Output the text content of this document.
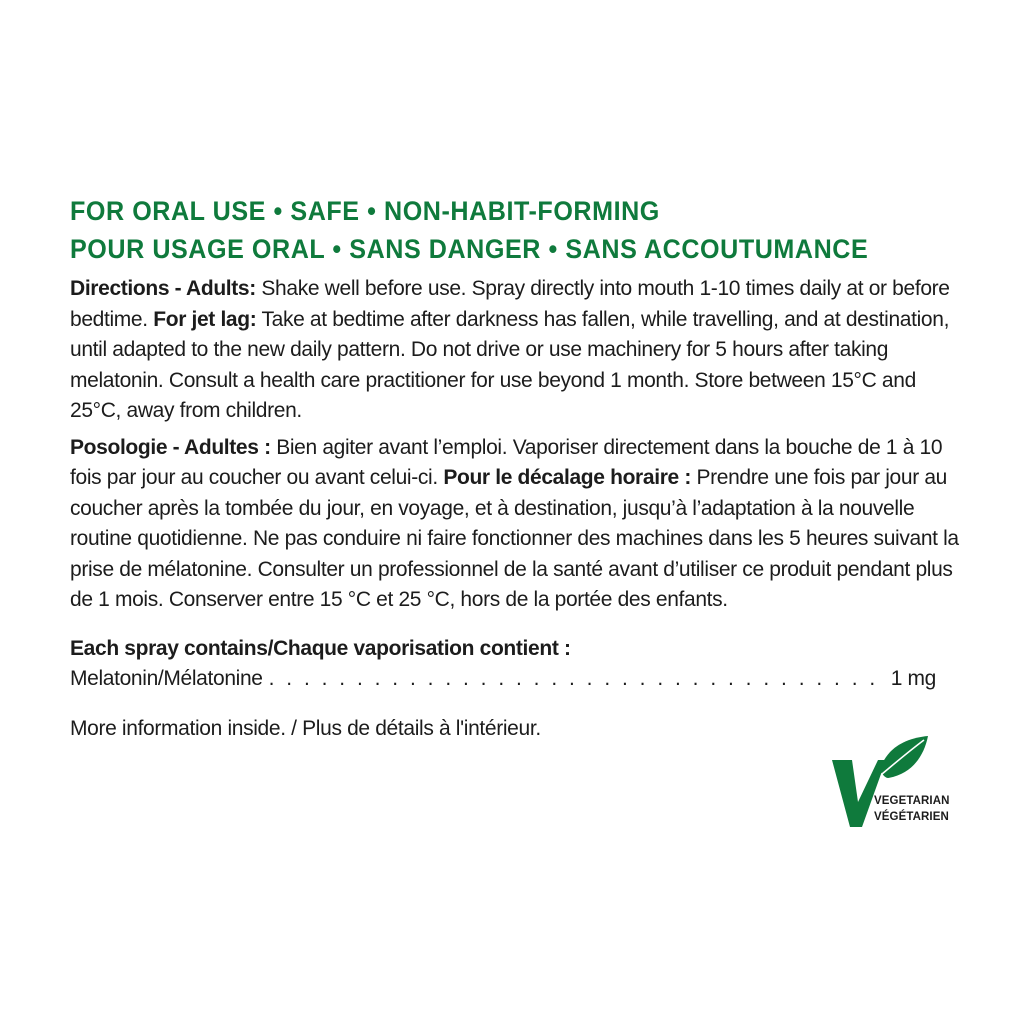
FOR ORAL USE • SAFE • NON-HABIT-FORMING
POUR USAGE ORAL • SANS DANGER • SANS ACCOUTUMANCE

Directions - Adults: Shake well before use. Spray directly into mouth 1-10 times daily at or before bedtime. For jet lag: Take at bedtime after darkness has fallen, while travelling, and at destination, until adapted to the new daily pattern. Do not drive or use machinery for 5 hours after taking melatonin. Consult a health care practitioner for use beyond 1 month. Store between 15°C and 25°C, away from children.

Posologie - Adultes : Bien agiter avant l’emploi. Vaporiser directement dans la bouche de 1 à 10 fois par jour au coucher ou avant celui-ci. Pour le décalage horaire : Prendre une fois par jour au coucher après la tombée du jour, en voyage, et à destination, jusqu’à l’adaptation à la nouvelle routine quotidienne. Ne pas conduire ni faire fonctionner des machines dans les 5 heures suivant la prise de mélatonine. Consulter un professionnel de la santé avant d’utiliser ce produit pendant plus de 1 mois. Conserver entre 15 °C et 25 °C, hors de la portée des enfants.

Each spray contains/Chaque vaporisation contient :

Melatonin/Mélatonine
. . .	1 mg

More information inside. / Plus de détails à l'intérieur.

VEGETARIAN
VÉGÉTARIEN
